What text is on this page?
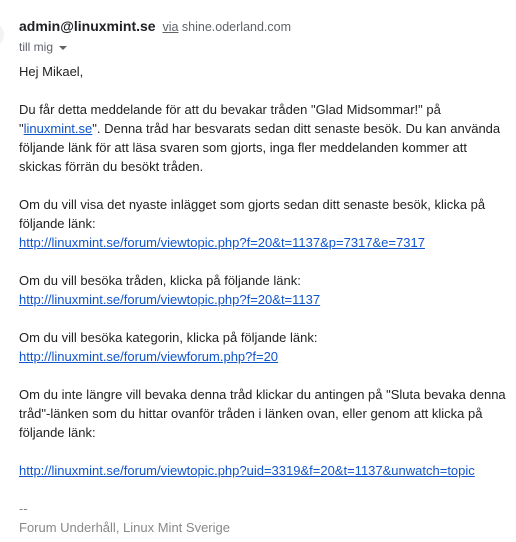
admin@linuxmint.se via shine.oderland.com
till mig

Hej Mikael,

Du får detta meddelande för att du bevakar tråden "Glad Midsommar!" på "linuxmint.se". Denna tråd har besvarats sedan ditt senaste besök. Du kan använda följande länk för att läsa svaren som gjorts, inga fler meddelanden kommer att skickas förrän du besökt tråden.

Om du vill visa det nyaste inlägget som gjorts sedan ditt senaste besök, klicka på följande länk:

http://linuxmint.se/forum/viewtopic.php?f=20&t=1137&p=7317&e=7317

Om du vill besöka tråden, klicka på följande länk:

http://linuxmint.se/forum/viewtopic.php?f=20&t=1137

Om du vill besöka kategorin, klicka på följande länk:

http://linuxmint.se/forum/viewforum.php?f=20

Om du inte längre vill bevaka denna tråd klickar du antingen på "Sluta bevaka denna tråd"-länken som du hittar ovanför tråden i länken ovan, eller genom att klicka på följande länk:

http://linuxmint.se/forum/viewtopic.php?uid=3319&f=20&t=1137&unwatch=topic

--

Forum Underhåll, Linux Mint Sverige
